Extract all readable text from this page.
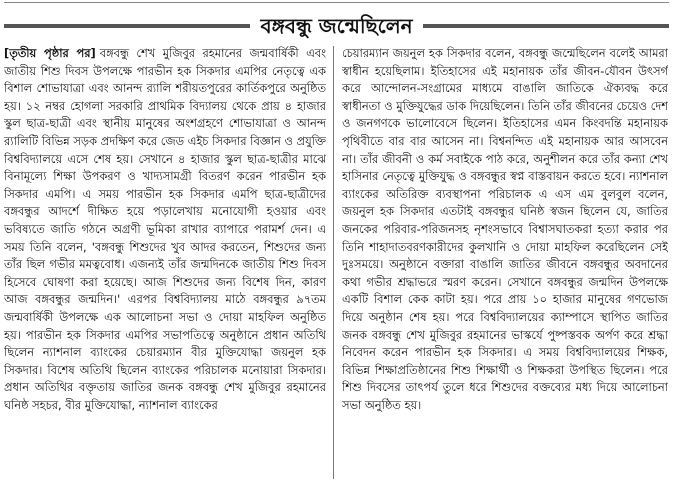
বঙ্গবন্ধু জন্মেছিলেন

[তৃতীয় পৃষ্ঠার পর] বঙ্গবন্ধু শেখ মুজিবুর রহমানের জন্মবার্ষিকী এবং জাতীয় শিশু দিবস উপলক্ষে পারভীন হক সিকদার এমপির নেতৃত্বে এক বিশাল শোভাযাত্রা এবং আনন্দ র‍্যালি শরীয়তপুরের কার্তিকপুরে অনুষ্ঠিত হয়। ১২ নম্বর হোগলা সরকারি প্রাথমিক বিদ্যালয় থেকে প্রায় ৪ হাজার স্কুল ছাত্র-ছাত্রী এবং স্থানীয় মানুষের অংশগ্রহণে শোভাযাত্রা ও আনন্দ র‍্যালিটি বিভিন্ন সড়ক প্রদক্ষিণ করে জেড এইচ সিকদার বিজ্ঞান ও প্রযুক্তি বিশ্ববিদ্যালয়ে এসে শেষ হয়। সেখানে ৪ হাজার স্কুল ছাত্র-ছাত্রীর মাঝে বিনামূল্যে শিক্ষা উপকরণ ও খাদ্যসামগ্রী বিতরণ করেন পারভীন হক সিকদার এমপি। এ সময় পারভীন হক সিকদার এমপি ছাত্র-ছাত্রীদের বঙ্গবন্ধুর আদর্শে দীক্ষিত হয়ে পড়ালেখায় মনোযোগী হওয়ার এবং ভবিষ্যতে জাতি গঠনে অগ্রণী ভূমিকা রাখার ব্যাপারে পরামর্শ দেন। এ সময় তিনি বলেন, 'বঙ্গবন্ধু শিশুদের খুব আদর করতেন, শিশুদের জন্য তাঁর ছিল গভীর মমত্ববোধ। এজন্যই তাঁর জন্মদিনকে জাতীয় শিশু দিবস হিসেবে ঘোষণা করা হয়েছে। আজ শিশুদের জন্য বিশেষ দিন, কারণ আজ বঙ্গবন্ধুর জন্মদিন।' এরপর বিশ্ববিদ্যালয় মাঠে বঙ্গবন্ধুর ৯৭তম জন্মবার্ষিকী উপলক্ষে এক আলোচনা সভা ও দোয়া মাহফিল অনুষ্ঠিত হয়। পারভীন হক সিকদার এমপির সভাপতিত্বে অনুষ্ঠানে প্রধান অতিথি ছিলেন ন্যাশনাল ব্যাংকের চেয়ারম্যান বীর মুক্তিযোদ্ধা জয়নুল হক সিকদার। বিশেষ অতিথি ছিলেন ব্যাংকের পরিচালক মনোয়ারা সিকদার। প্রধান অতিথির বক্তৃতায় জাতির জনক বঙ্গবন্ধু শেখ মুজিবুর রহমানের ঘনিষ্ঠ সহচর, বীর মুক্তিযোদ্ধা, ন্যাশনাল ব্যাংকের

চেয়ারম্যান জয়নুল হক সিকদার বলেন, বঙ্গবন্ধু জন্মেছিলেন বলেই আমরা স্বাধীন হয়েছিলাম। ইতিহাসের এই মহানায়ক তাঁর জীবন-যৌবন উৎসর্গ করে আন্দোলন-সংগ্রামের মাধ্যমে বাঙালি জাতিকে ঐক্যবদ্ধ করে স্বাধীনতা ও মুক্তিযুদ্ধের ডাক দিয়েছিলেন। তিনি তাঁর জীবনের চেয়েও দেশ ও জনগণকে ভালোবেসে ছিলেন। ইতিহাসের এমন কিংবদন্তি মহানায়ক পৃথিবীতে বার বার আসেন না। বিশ্বনন্দিত এই মহানায়ক আর আসবেন না। তাঁর জীবনী ও কর্ম সবাইকে পাঠ করে, অনুশীলন করে তাঁর কন্যা শেখ হাসিনার নেতৃত্বে মুক্তিযুদ্ধ ও বঙ্গবন্ধুর স্বপ্ন বাস্তবায়ন করতে হবে। ন্যাশনাল ব্যাংকের অতিরিক্ত ব্যবস্থাপনা পরিচালক এ এস এম বুলবুল বলেন, জয়নুল হক সিকদার এতটাই বঙ্গবন্ধুর ঘনিষ্ঠ স্বজন ছিলেন যে, জাতির জনকের পরিবার-পরিজনসহ নৃশংসভাবে বিশ্বাসঘাতকরা হত্যা করার পর তিনি শাহাদাতবরণকারীদের কুলখানি ও দোয়া মাহফিল করেছিলেন সেই দুঃসময়ে। অনুষ্ঠানে বক্তারা বাঙালি জাতির জীবনে বঙ্গবন্ধুর অবদানের কথা গভীর শ্রদ্ধাভরে স্মরণ করেন। সেখানে বঙ্গবন্ধুর জন্মদিন উপলক্ষে একটি বিশাল কেক কাটা হয়। পরে প্রায় ১০ হাজার মানুষের গণভোজ দিয়ে অনুষ্ঠান শেষ হয়। পরে বিশ্ববিদ্যালয়ের ক্যাম্পাসে স্থাপিত জাতির জনক বঙ্গবন্ধু শেখ মুজিবুর রহমানের ভাস্কর্যে পুষ্পস্তবক অর্পণ করে শ্রদ্ধা নিবেদন করেন পারভীন হক সিকদার। এ সময় বিশ্ববিদ্যালয়ের শিক্ষক, বিভিন্ন শিক্ষাপ্রতিষ্ঠানের শিশু শিক্ষার্থী ও শিক্ষকরা উপস্থিত ছিলেন। পরে শিশু দিবসের তাৎপর্য তুলে ধরে শিশুদের বক্তব্যের মধ্য দিয়ে আলোচনা সভা অনুষ্ঠিত হয়।
